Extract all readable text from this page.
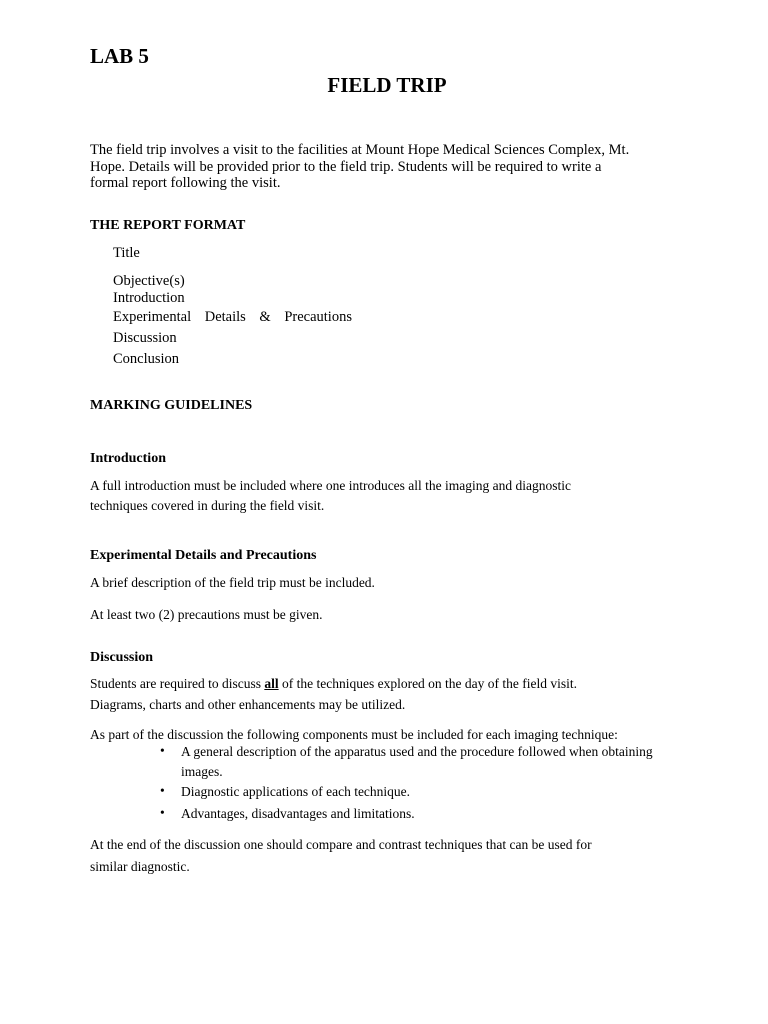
LAB 5
FIELD TRIP
The field trip involves a visit to the facilities at Mount Hope Medical Sciences Complex, Mt.
Hope. Details will be provided prior to the field trip. Students will be required to write a
formal report following the visit.
THE REPORT FORMAT
Title
Objective(s)
Introduction
Experimental Details & Precautions
Discussion
Conclusion
MARKING GUIDELINES
Introduction
A full introduction must be included where one introduces all the imaging and diagnostic
techniques covered in during the field visit.
Experimental Details and Precautions
A brief description of the field trip must be included.
At least two (2) precautions must be given.
Discussion
Students are required to discuss all of the techniques explored on the day of the field visit.
Diagrams, charts and other enhancements may be utilized.
As part of the discussion the following components must be included for each imaging technique:
• A general description of the apparatus used and the procedure followed when obtaining
images.
• Diagnostic applications of each technique.
• Advantages, disadvantages and limitations.
At the end of the discussion one should compare and contrast techniques that can be used for
similar diagnostic.
